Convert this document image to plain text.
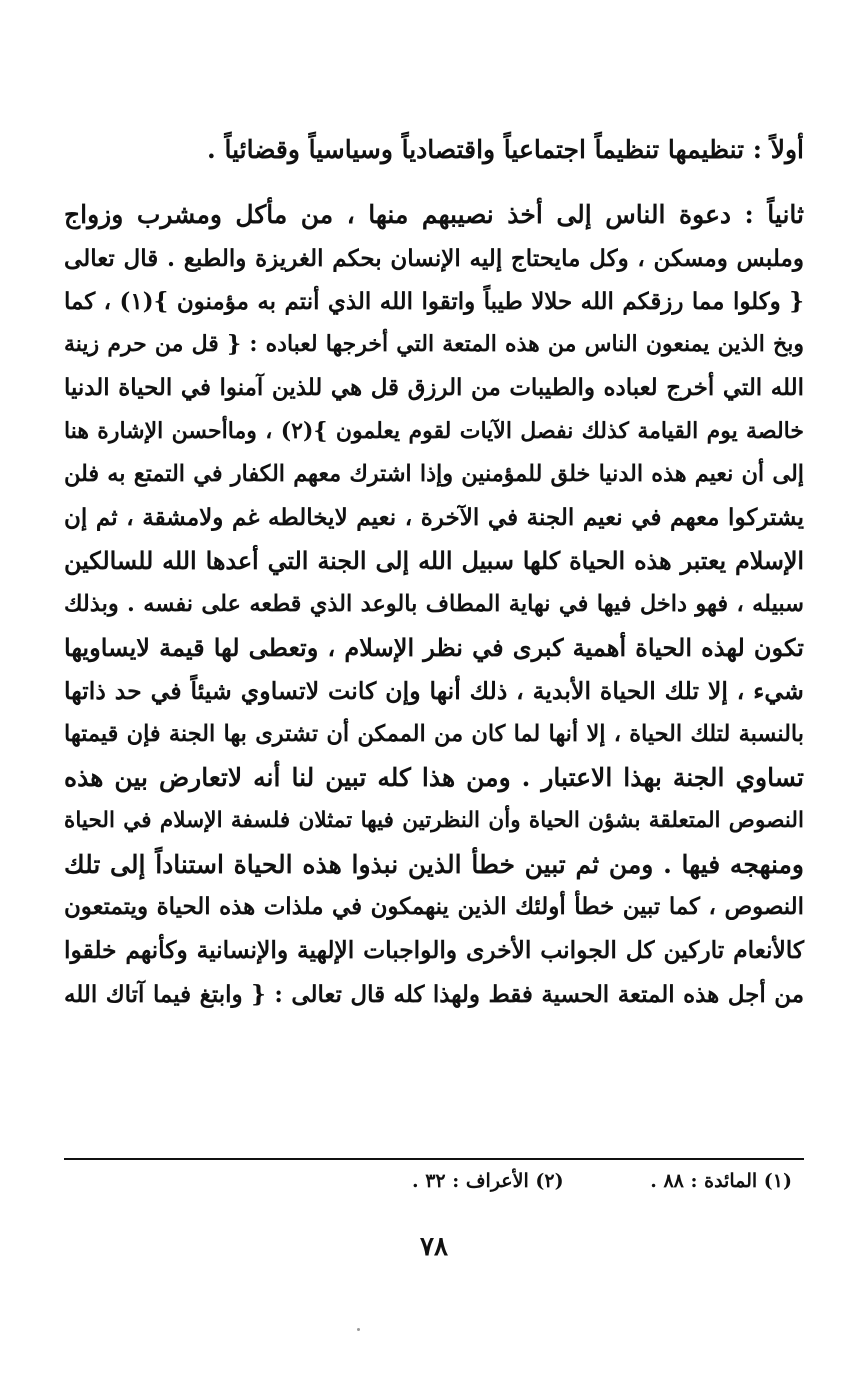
أولاً : تنظيمها تنظيماً اجتماعياً واقتصادياً وسياسياً وقضائياً .
ثانياً : دعوة الناس إلى أخذ نصيبهم منها ، من مأكل ومشرب وزواج
وملبس ومسكن ، وكل مايحتاج إليه الإنسان بحكم الغريزة والطبع . قال تعالى
{ وكلوا مما رزقكم الله حلالا طيباً واتقوا الله الذي أنتم به مؤمنون }(١) ، كما
وبخ الذين يمنعون الناس من هذه المتعة التي أخرجها لعباده : { قل من حرم زينة
الله التي أخرج لعباده والطيبات من الرزق قل هي للذين آمنوا في الحياة الدنيا
خالصة يوم القيامة كذلك نفصل الآيات لقوم يعلمون }(٢) ، وماأحسن الإشارة هنا
إلى أن نعيم هذه الدنيا خلق للمؤمنين وإذا اشترك معهم الكفار في التمتع به فلن
يشتركوا معهم في نعيم الجنة في الآخرة ، نعيم لايخالطه غم ولامشقة ، ثم إن
الإسلام يعتبر هذه الحياة كلها سبيل الله إلى الجنة التي أعدها الله للسالكين
سبيله ، فهو داخل فيها في نهاية المطاف بالوعد الذي قطعه على نفسه . وبذلك
تكون لهذه الحياة أهمية كبرى في نظر الإسلام ، وتعطى لها قيمة لايساويها
شيء ، إلا تلك الحياة الأبدية ، ذلك أنها وإن كانت لاتساوي شيئاً في حد ذاتها
بالنسبة لتلك الحياة ، إلا أنها لما كان من الممكن أن تشترى بها الجنة فإن قيمتها
تساوي الجنة بهذا الاعتبار . ومن هذا كله تبين لنا أنه لاتعارض بين هذه
النصوص المتعلقة بشؤن الحياة وأن النظرتين فيها تمثلان فلسفة الإسلام في الحياة
ومنهجه فيها . ومن ثم تبين خطأ الذين نبذوا هذه الحياة استناداً إلى تلك
النصوص ، كما تبين خطأ أولئك الذين ينهمكون في ملذات هذه الحياة ويتمتعون
كالأنعام تاركين كل الجوانب الأخرى والواجبات الإلهية والإنسانية وكأنهم خلقوا
من أجل هذه المتعة الحسية فقط ولهذا كله قال تعالى : { وابتغ فيما آتاك الله
(١) المائدة : ٨٨ . (٢) الأعراف : ٣٢ .
٧٨
